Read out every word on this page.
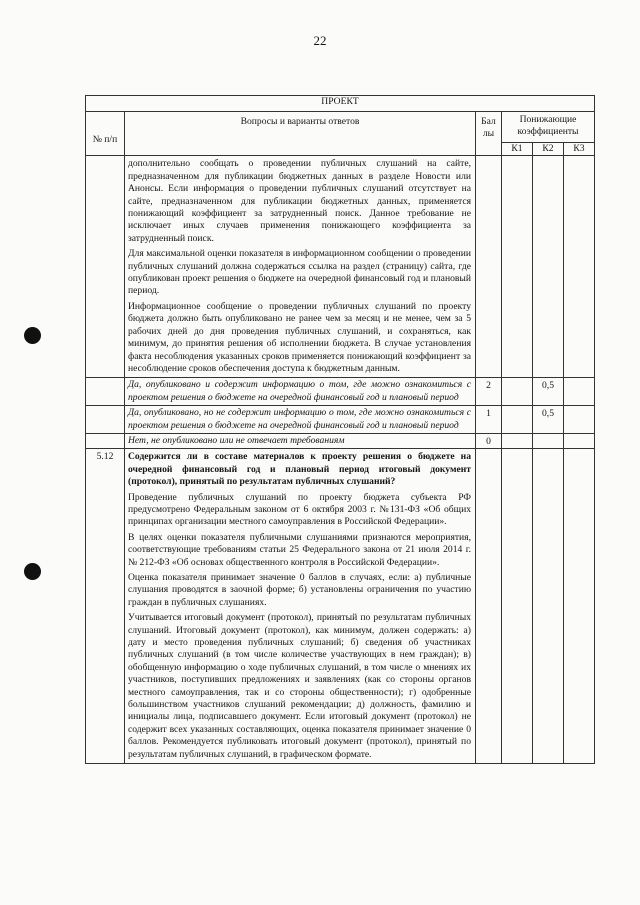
22
ПРОЕКТ					
№ п/п	Вопросы и варианты ответов	Бал лы	Понижающие коэффициенты		
			К1	К2	К3

	дополнительно сообщать о проведении публичных слушаний на сайте, предназначенном для публикации бюджетных данных в разделе Новости или Анонсы. Если информация о проведении публичных слушаний отсутствует на сайте, предназначенном для публикации бюджетных данных, применяется понижающий коэффициент за затрудненный поиск. Данное требование не исключает иных случаев применения понижающего коэффициента за затрудненный поиск.

Для максимальной оценки показателя в информационном сообщении о проведении публичных слушаний должна содержаться ссылка на раздел (страницу) сайта, где опубликован проект решения о бюджете на очередной финансовый год и плановый период.

Информационное сообщение о проведении публичных слушаний по проекту бюджета должно быть опубликовано не ранее чем за месяц и не менее, чем за 5 рабочих дней до дня проведения публичных слушаний, и сохраняться, как минимум, до принятия решения об исполнении бюджета. В случае установления факта несоблюдения указанных сроков применяется понижающий коэффициент за несоблюдение сроков обеспечения доступа к бюджетным данным.				

	Да, опубликовано и содержит информацию о том, где можно ознакомиться с проектом решения о бюджете на очередной финансовый год и плановый период	2		0,5	
	Да, опубликовано, но не содержит информацию о том, где можно ознакомиться с проектом решения о бюджете на очередной финансовый год и плановый период	1		0,5	
	Нет, не опубликовано или не отвечает требованиям	0			
5.12	Содержится ли в составе материалов к проекту решения о бюджете на очередной финансовый год и плановый период итоговый документ (протокол), принятый по результатам публичных слушаний?

Проведение публичных слушаний по проекту бюджета субъекта РФ предусмотрено Федеральным законом от 6 октября 2003 г. №131-ФЗ «Об общих принципах организации местного самоуправления в Российской Федерации».

В целях оценки показателя публичными слушаниями признаются мероприятия, соответствующие требованиям статьи 25 Федерального закона от 21 июля 2014 г. № 212-ФЗ «Об основах общественного контроля в Российской Федерации».

Оценка показателя принимает значение 0 баллов в случаях, если: а) публичные слушания проводятся в заочной форме; б) установлены ограничения по участию граждан в публичных слушаниях.

Учитывается итоговый документ (протокол), принятый по результатам публичных слушаний. Итоговый документ (протокол), как минимум, должен содержать: а) дату и место проведения публичных слушаний; б) сведения об участниках публичных слушаний (в том числе количестве участвующих в нем граждан); в) обобщенную информацию о ходе публичных слушаний, в том числе о мнениях их участников, поступивших предложениях и заявлениях (как со стороны органов местного самоуправления, так и со стороны общественности); г) одобренные большинством участников слушаний рекомендации; д) должность, фамилию и инициалы лица, подписавшего документ. Если итоговый документ (протокол) не содержит всех указанных составляющих, оценка показателя принимает значение 0 баллов. Рекомендуется публиковать итоговый документ (протокол), принятый по результатам публичных слушаний, в графическом формате.				
